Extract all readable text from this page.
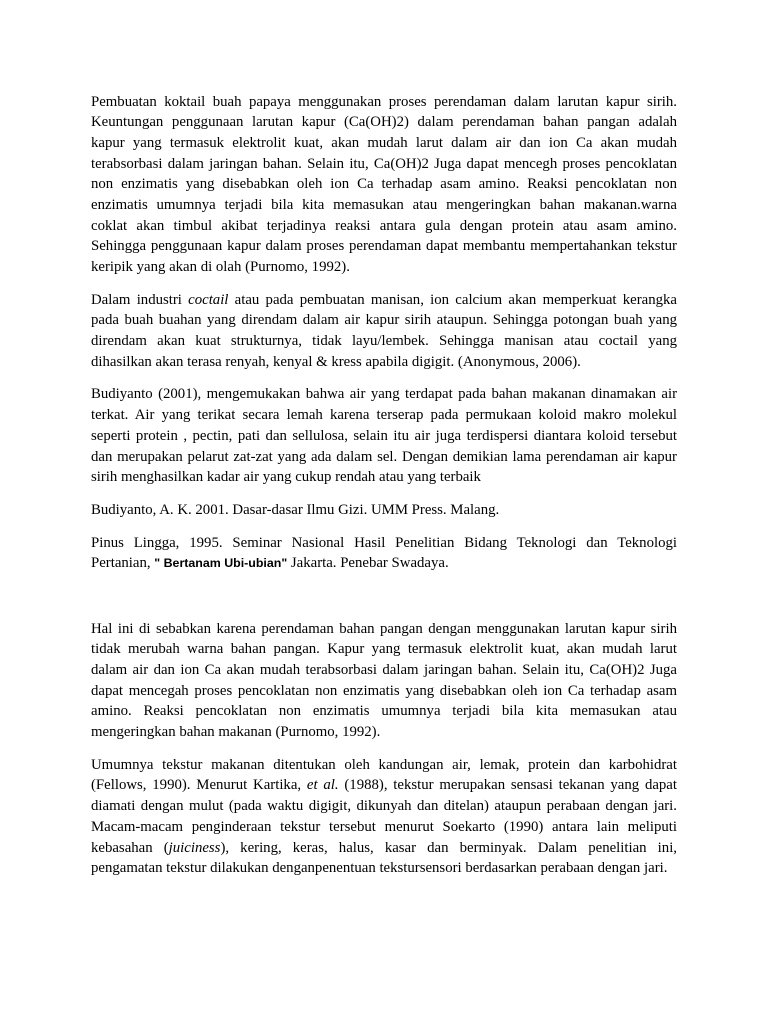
Pembuatan koktail buah papaya menggunakan proses perendaman dalam larutan kapur sirih.
Keuntungan penggunaan larutan kapur (Ca(OH)2) dalam perendaman bahan pangan adalah
kapur yang termasuk elektrolit kuat, akan mudah larut dalam air dan ion Ca akan mudah
terabsorbasi dalam jaringan bahan. Selain itu, Ca(OH)2 Juga dapat mencegh proses pencoklatan
non enzimatis yang disebabkan oleh ion Ca terhadap asam amino. Reaksi pencoklatan non
enzimatis umumnya terjadi bila kita memasukan atau mengeringkan bahan makanan.warna
coklat akan timbul akibat terjadinya reaksi antara gula dengan protein atau asam amino.
Sehingga penggunaan kapur dalam proses perendaman dapat membantu mempertahankan tekstur
keripik yang akan di olah (Purnomo, 1992).

Dalam industri coctail atau pada pembuatan manisan, ion calcium akan memperkuat kerangka
pada buah buahan yang direndam dalam air kapur sirih ataupun. Sehingga potongan buah yang
direndam akan kuat strukturnya, tidak layu/lembek. Sehingga manisan atau coctail yang
dihasilkan akan terasa renyah, kenyal & kress apabila digigit. (Anonymous, 2006).

Budiyanto (2001), mengemukakan bahwa air yang terdapat pada bahan makanan dinamakan air
terkat. Air yang terikat secara lemah karena terserap pada permukaan koloid makro molekul
seperti protein , pectin, pati dan sellulosa, selain itu air juga terdispersi diantara koloid tersebut
dan merupakan pelarut zat-zat yang ada dalam sel. Dengan demikian lama perendaman air kapur
sirih menghasilkan kadar air yang cukup rendah atau yang terbaik

Budiyanto, A. K. 2001. Dasar-dasar Ilmu Gizi. UMM Press. Malang.

Pinus Lingga, 1995. Seminar Nasional Hasil Penelitian Bidang Teknologi dan Teknologi
Pertanian, " Bertanam Ubi-ubian" Jakarta. Penebar Swadaya.

Hal ini di sebabkan karena perendaman bahan pangan dengan menggunakan larutan kapur sirih
tidak merubah warna bahan pangan. Kapur yang termasuk elektrolit kuat, akan mudah larut
dalam air dan ion Ca akan mudah terabsorbasi dalam jaringan bahan. Selain itu, Ca(OH)2 Juga
dapat mencegah proses pencoklatan non enzimatis yang disebabkan oleh ion Ca terhadap asam
amino. Reaksi pencoklatan non enzimatis umumnya terjadi bila kita memasukan atau
mengeringkan bahan makanan (Purnomo, 1992).

Umumnya tekstur makanan ditentukan oleh kandungan air, lemak, protein dan karbohidrat
(Fellows, 1990). Menurut Kartika, et al. (1988), tekstur merupakan sensasi tekanan yang dapat
diamati dengan mulut (pada waktu digigit, dikunyah dan ditelan) ataupun perabaan dengan jari.
Macam-macam penginderaan tekstur tersebut menurut Soekarto (1990) antara lain meliputi
kebasahan (juiciness), kering, keras, halus, kasar dan berminyak. Dalam penelitian ini,
pengamatan tekstur dilakukan denganpenentuan tekstursensori berdasarkan perabaan dengan jari.
